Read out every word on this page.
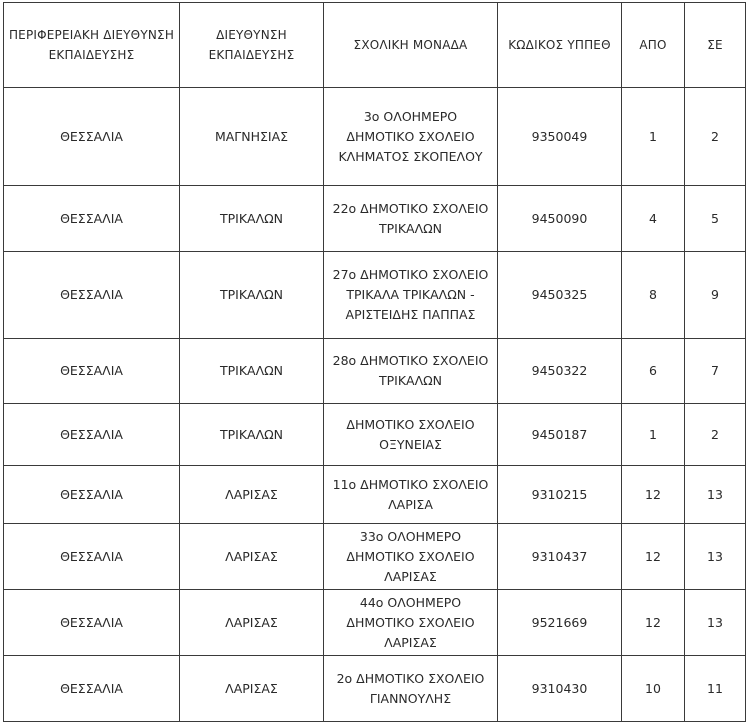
ΠΕΡΙΦΕΡΕΙΑΚΗ ΔΙΕΥΘΥΝΣΗ ΕΚΠΑΙΔΕΥΣΗΣ	ΔΙΕΥΘΥΝΣΗ ΕΚΠΑΙΔΕΥΣΗΣ	ΣΧΟΛΙΚΗ ΜΟΝΑΔΑ	ΚΩΔΙΚΟΣ ΥΠΠΕΘ	ΑΠΟ	ΣΕ
ΘΕΣΣΑΛΙΑ	ΜΑΓΝΗΣΙΑΣ	3ο ΟΛΟΗΜΕΡΟ ΔΗΜΟΤΙΚΟ ΣΧΟΛΕΙΟ ΚΛΗΜΑΤΟΣ ΣΚΟΠΕΛΟΥ	9350049	1	2
ΘΕΣΣΑΛΙΑ	ΤΡΙΚΑΛΩΝ	22ο ΔΗΜΟΤΙΚΟ ΣΧΟΛΕΙΟ ΤΡΙΚΑΛΩΝ	9450090	4	5
ΘΕΣΣΑΛΙΑ	ΤΡΙΚΑΛΩΝ	27ο ΔΗΜΟΤΙΚΟ ΣΧΟΛΕΙΟ ΤΡΙΚΑΛΑ ΤΡΙΚΑΛΩΝ - ΑΡΙΣΤΕΙΔΗΣ ΠΑΠΠΑΣ	9450325	8	9
ΘΕΣΣΑΛΙΑ	ΤΡΙΚΑΛΩΝ	28ο ΔΗΜΟΤΙΚΟ ΣΧΟΛΕΙΟ ΤΡΙΚΑΛΩΝ	9450322	6	7
ΘΕΣΣΑΛΙΑ	ΤΡΙΚΑΛΩΝ	ΔΗΜΟΤΙΚΟ ΣΧΟΛΕΙΟ ΟΞΥΝΕΙΑΣ	9450187	1	2
ΘΕΣΣΑΛΙΑ	ΛΑΡΙΣΑΣ	11ο ΔΗΜΟΤΙΚΟ ΣΧΟΛΕΙΟ ΛΑΡΙΣΑ	9310215	12	13
ΘΕΣΣΑΛΙΑ	ΛΑΡΙΣΑΣ	33ο ΟΛΟΗΜΕΡΟ ΔΗΜΟΤΙΚΟ ΣΧΟΛΕΙΟ ΛΑΡΙΣΑΣ	9310437	12	13
ΘΕΣΣΑΛΙΑ	ΛΑΡΙΣΑΣ	44ο ΟΛΟΗΜΕΡΟ ΔΗΜΟΤΙΚΟ ΣΧΟΛΕΙΟ ΛΑΡΙΣΑΣ	9521669	12	13
ΘΕΣΣΑΛΙΑ	ΛΑΡΙΣΑΣ	2ο ΔΗΜΟΤΙΚΟ ΣΧΟΛΕΙΟ ΓΙΑΝΝΟΥΛΗΣ	9310430	10	11
